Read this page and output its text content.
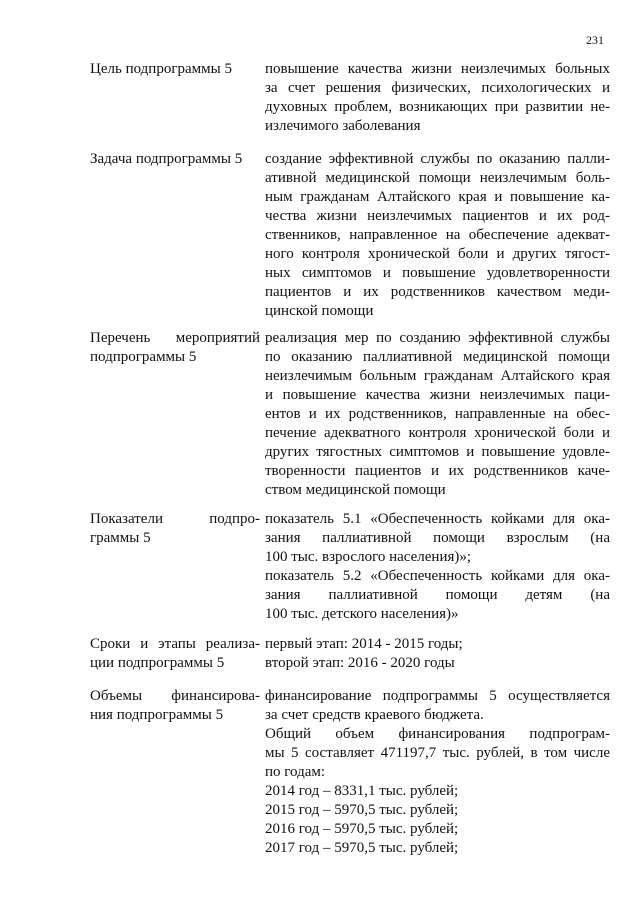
231
Цель подпрограммы 5	повышение качества жизни неизлечимых больных
за счет решения физических, психологических и
духовных проблем, возникающих при развитии не-
излечимого заболевания
Задача подпрограммы 5	создание эффективной службы по оказанию палли-
ативной медицинской помощи неизлечимым боль-
ным гражданам Алтайского края и повышение ка-
чества жизни неизлечимых пациентов и их род-
ственников, направленное на обеспечение адекват-
ного контроля хронической боли и других тягост-
ных симптомов и повышение удовлетворенности
пациентов и их родственников качеством меди-
цинской помощи
Перечень мероприятий
подпрограммы 5
реализация мер по созданию эффективной службы
по оказанию паллиативной медицинской помощи
неизлечимым больным гражданам Алтайского края
и повышение качества жизни неизлечимых паци-
ентов и их родственников, направленные на обес-
печение адекватного контроля хронической боли и
других тягостных симптомов и повышение удовле-
творенности пациентов и их родственников каче-
ством медицинской помощи
Показатели подпро-
граммы 5
показатель 5.1 «Обеспеченность койками для ока-
зания паллиативной помощи взрослым (на
100 тыс. взрослого населения)»;
показатель 5.2 «Обеспеченность койками для ока-
зания паллиативной помощи детям (на
100 тыс. детского населения)»
Сроки и этапы реализа-
ции подпрограммы 5
первый этап: 2014 - 2015 годы;
второй этап: 2016 - 2020 годы
Объемы финансирова-
ния подпрограммы 5
финансирование подпрограммы 5 осуществляется
за счет средств краевого бюджета.
Общий объем финансирования подпрограм-
мы 5 составляет 471197,7 тыс. рублей, в том числе
по годам:
2014 год – 8331,1 тыс. рублей;
2015 год – 5970,5 тыс. рублей;
2016 год – 5970,5 тыс. рублей;
2017 год – 5970,5 тыс. рублей;
